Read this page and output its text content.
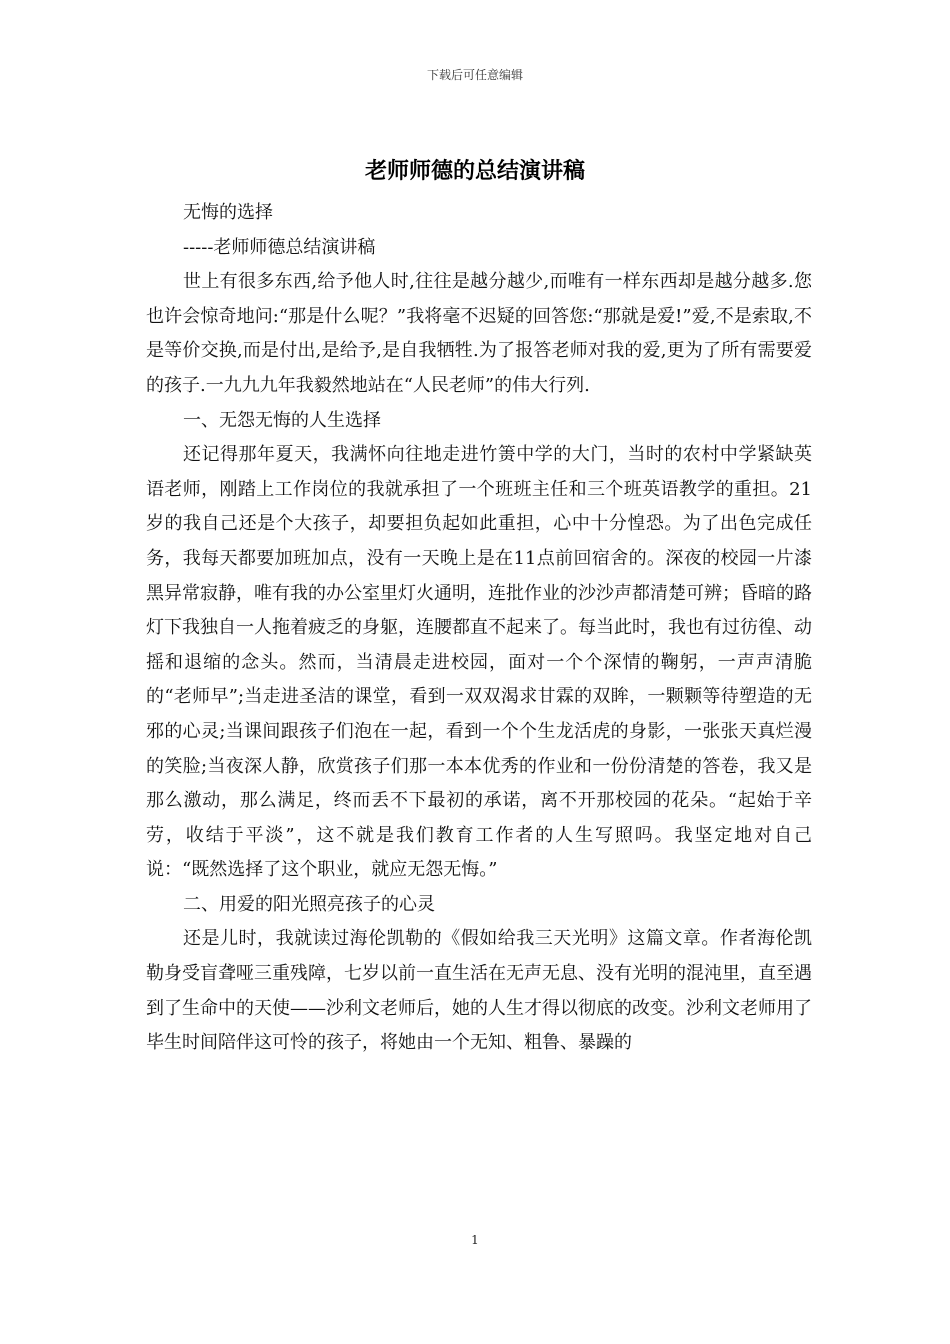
下载后可任意编辑
老师师德的总结演讲稿

无悔的选择

-----老师师德总结演讲稿

世上有很多东西,给予他人时,往往是越分越少,而唯有一样东西却是越分越多.您也许会惊奇地问:“那是什么呢？”我将毫不迟疑的回答您:“那就是爱!”爱,不是索取,不是等价交换,而是付出,是给予,是自我牺牲.为了报答老师对我的爱,更为了所有需要爱的孩子.一九九九年我毅然地站在“人民老师”的伟大行列.

一、无怨无悔的人生选择

还记得那年夏天，我满怀向往地走进竹箦中学的大门，当时的农村中学紧缺英语老师，刚踏上工作岗位的我就承担了一个班班主任和三个班英语教学的重担。21岁的我自己还是个大孩子，却要担负起如此重担，心中十分惶恐。为了出色完成任务，我每天都要加班加点，没有一天晚上是在11点前回宿舍的。深夜的校园一片漆黑异常寂静，唯有我的办公室里灯火通明，连批作业的沙沙声都清楚可辨；昏暗的路灯下我独自一人拖着疲乏的身躯，连腰都直不起来了。每当此时，我也有过彷徨、动摇和退缩的念头。然而，当清晨走进校园，面对一个个深情的鞠躬，一声声清脆的“老师早”;当走进圣洁的课堂，看到一双双渴求甘霖的双眸，一颗颗等待塑造的无邪的心灵;当课间跟孩子们泡在一起，看到一个个生龙活虎的身影，一张张天真烂漫的笑脸;当夜深人静，欣赏孩子们那一本本优秀的作业和一份份清楚的答卷，我又是那么激动，那么满足，终而丢不下最初的承诺，离不开那校园的花朵。“起始于辛劳，收结于平淡”，这不就是我们教育工作者的人生写照吗。我坚定地对自己说：“既然选择了这个职业，就应无怨无悔。”

二、用爱的阳光照亮孩子的心灵

还是儿时，我就读过海伦凯勒的《假如给我三天光明》这篇文章。作者海伦凯勒身受盲聋哑三重残障，七岁以前一直生活在无声无息、没有光明的混沌里，直至遇到了生命中的天使——沙利文老师后，她的人生才得以彻底的改变。沙利文老师用了毕生时间陪伴这可怜的孩子，将她由一个无知、粗鲁、暴躁的

1
